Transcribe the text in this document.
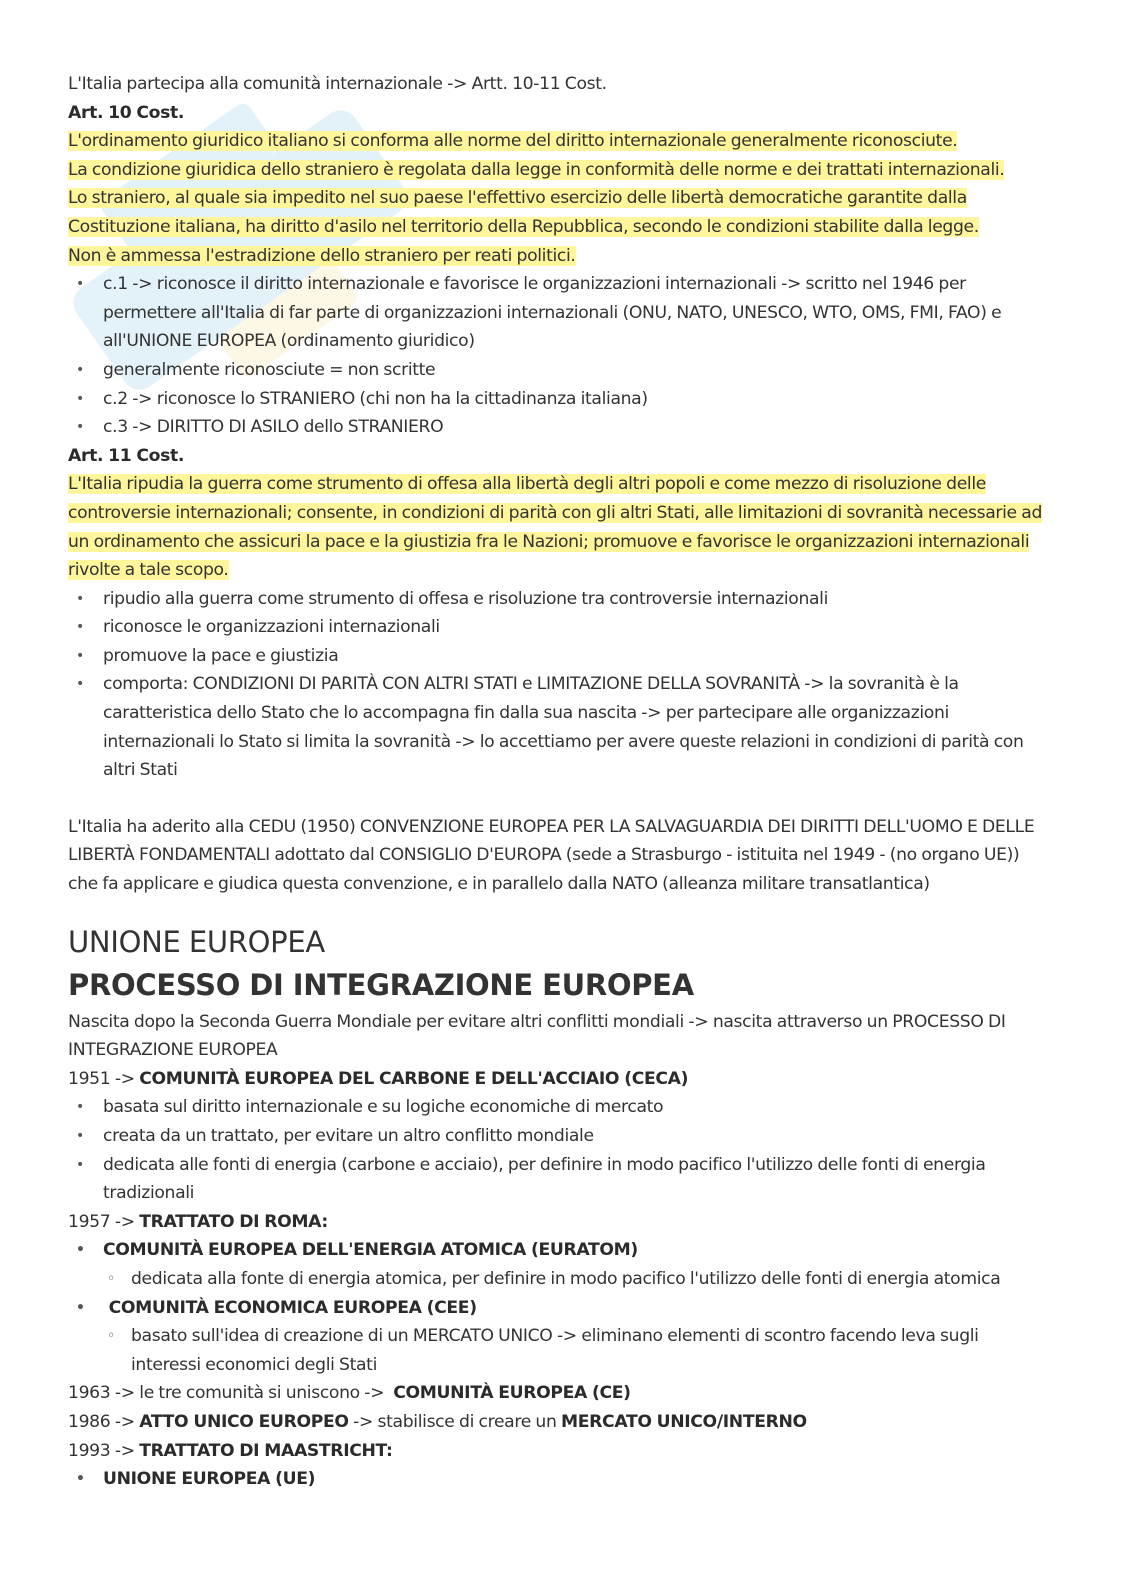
L'Italia partecipa alla comunità internazionale -> Artt. 10-11 Cost.

Art. 10 Cost.

L'ordinamento giuridico italiano si conforma alle norme del diritto internazionale generalmente riconosciute.
La condizione giuridica dello straniero è regolata dalla legge in conformità delle norme e dei trattati internazionali.
Lo straniero, al quale sia impedito nel suo paese l'effettivo esercizio delle libertà democratiche garantite dalla Costituzione italiana, ha diritto d'asilo nel territorio della Repubblica, secondo le condizioni stabilite dalla legge.
Non è ammessa l'estradizione dello straniero per reati politici.

• c.1 -> riconosce il diritto internazionale e favorisce le organizzazioni internazionali -> scritto nel 1946 per permettere all'Italia di far parte di organizzazioni internazionali (ONU, NATO, UNESCO, WTO, OMS, FMI, FAO) e all'UNIONE EUROPEA (ordinamento giuridico)
• generalmente riconosciute = non scritte
• c.2 -> riconosce lo STRANIERO (chi non ha la cittadinanza italiana)
• c.3 -> DIRITTO DI ASILO dello STRANIERO

Art. 11 Cost.

L'Italia ripudia la guerra come strumento di offesa alla libertà degli altri popoli e come mezzo di risoluzione delle controversie internazionali; consente, in condizioni di parità con gli altri Stati, alle limitazioni di sovranità necessarie ad un ordinamento che assicuri la pace e la giustizia fra le Nazioni; promuove e favorisce le organizzazioni internazionali rivolte a tale scopo.

• ripudio alla guerra come strumento di offesa e risoluzione tra controversie internazionali
• riconosce le organizzazioni internazionali
• promuove la pace e giustizia
• comporta: CONDIZIONI DI PARITÀ CON ALTRI STATI e LIMITAZIONE DELLA SOVRANITÀ -> la sovranità è la caratteristica dello Stato che lo accompagna fin dalla sua nascita -> per partecipare alle organizzazioni internazionali lo Stato si limita la sovranità -> lo accettiamo per avere queste relazioni in condizioni di parità con altri Stati

L'Italia ha aderito alla CEDU (1950) CONVENZIONE EUROPEA PER LA SALVAGUARDIA DEI DIRITTI DELL'UOMO E DELLE LIBERTÀ FONDAMENTALI adottato dal CONSIGLIO D'EUROPA (sede a Strasburgo - istituita nel 1949 - (no organo UE)) che fa applicare e giudica questa convenzione, e in parallelo dalla NATO (alleanza militare transatlantica)

UNIONE EUROPEA
PROCESSO DI INTEGRAZIONE EUROPEA

Nascita dopo la Seconda Guerra Mondiale per evitare altri conflitti mondiali -> nascita attraverso un PROCESSO DI INTEGRAZIONE EUROPEA

1951 -> COMUNITÀ EUROPEA DEL CARBONE E DELL'ACCIAIO (CECA)

• basata sul diritto internazionale e su logiche economiche di mercato
• creata da un trattato, per evitare un altro conflitto mondiale
• dedicata alle fonti di energia (carbone e acciaio), per definire in modo pacifico l'utilizzo delle fonti di energia tradizionali

1957 -> TRATTATO DI ROMA:

• COMUNITÀ EUROPEA DELL'ENERGIA ATOMICA (EURATOM)
◦ dedicata alla fonte di energia atomica, per definire in modo pacifico l'utilizzo delle fonti di energia atomica
•  COMUNITÀ ECONOMICA EUROPEA (CEE)
◦ basato sull'idea di creazione di un MERCATO UNICO -> eliminano elementi di scontro facendo leva sugli interessi economici degli Stati

1963 -> le tre comunità si uniscono ->  COMUNITÀ EUROPEA (CE)

1986 -> ATTO UNICO EUROPEO -> stabilisce di creare un MERCATO UNICO/INTERNO

1993 -> TRATTATO DI MAASTRICHT:

• UNIONE EUROPEA (UE)
